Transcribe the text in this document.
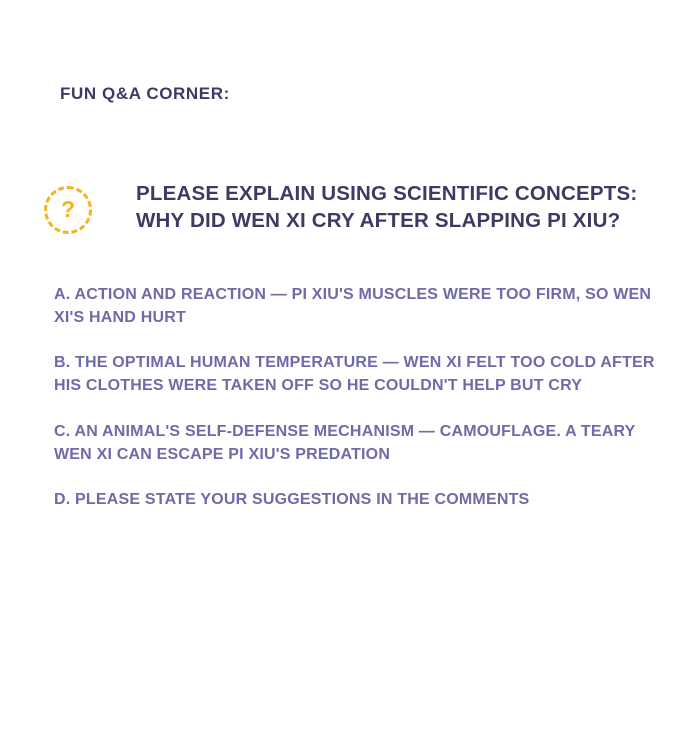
FUN Q&A CORNER:
?
PLEASE EXPLAIN USING SCIENTIFIC CONCEPTS:
WHY DID WEN XI CRY AFTER SLAPPING PI XIU?
A. ACTION AND REACTION — PI XIU'S MUSCLES WERE TOO FIRM, SO WEN XI'S HAND HURT
B. THE OPTIMAL HUMAN TEMPERATURE — WEN XI FELT TOO COLD AFTER HIS CLOTHES WERE TAKEN OFF SO HE COULDN'T HELP BUT CRY
C. AN ANIMAL'S SELF-DEFENSE MECHANISM — CAMOUFLAGE. A TEARY WEN XI CAN ESCAPE PI XIU'S PREDATION
D. PLEASE STATE YOUR SUGGESTIONS IN THE COMMENTS
